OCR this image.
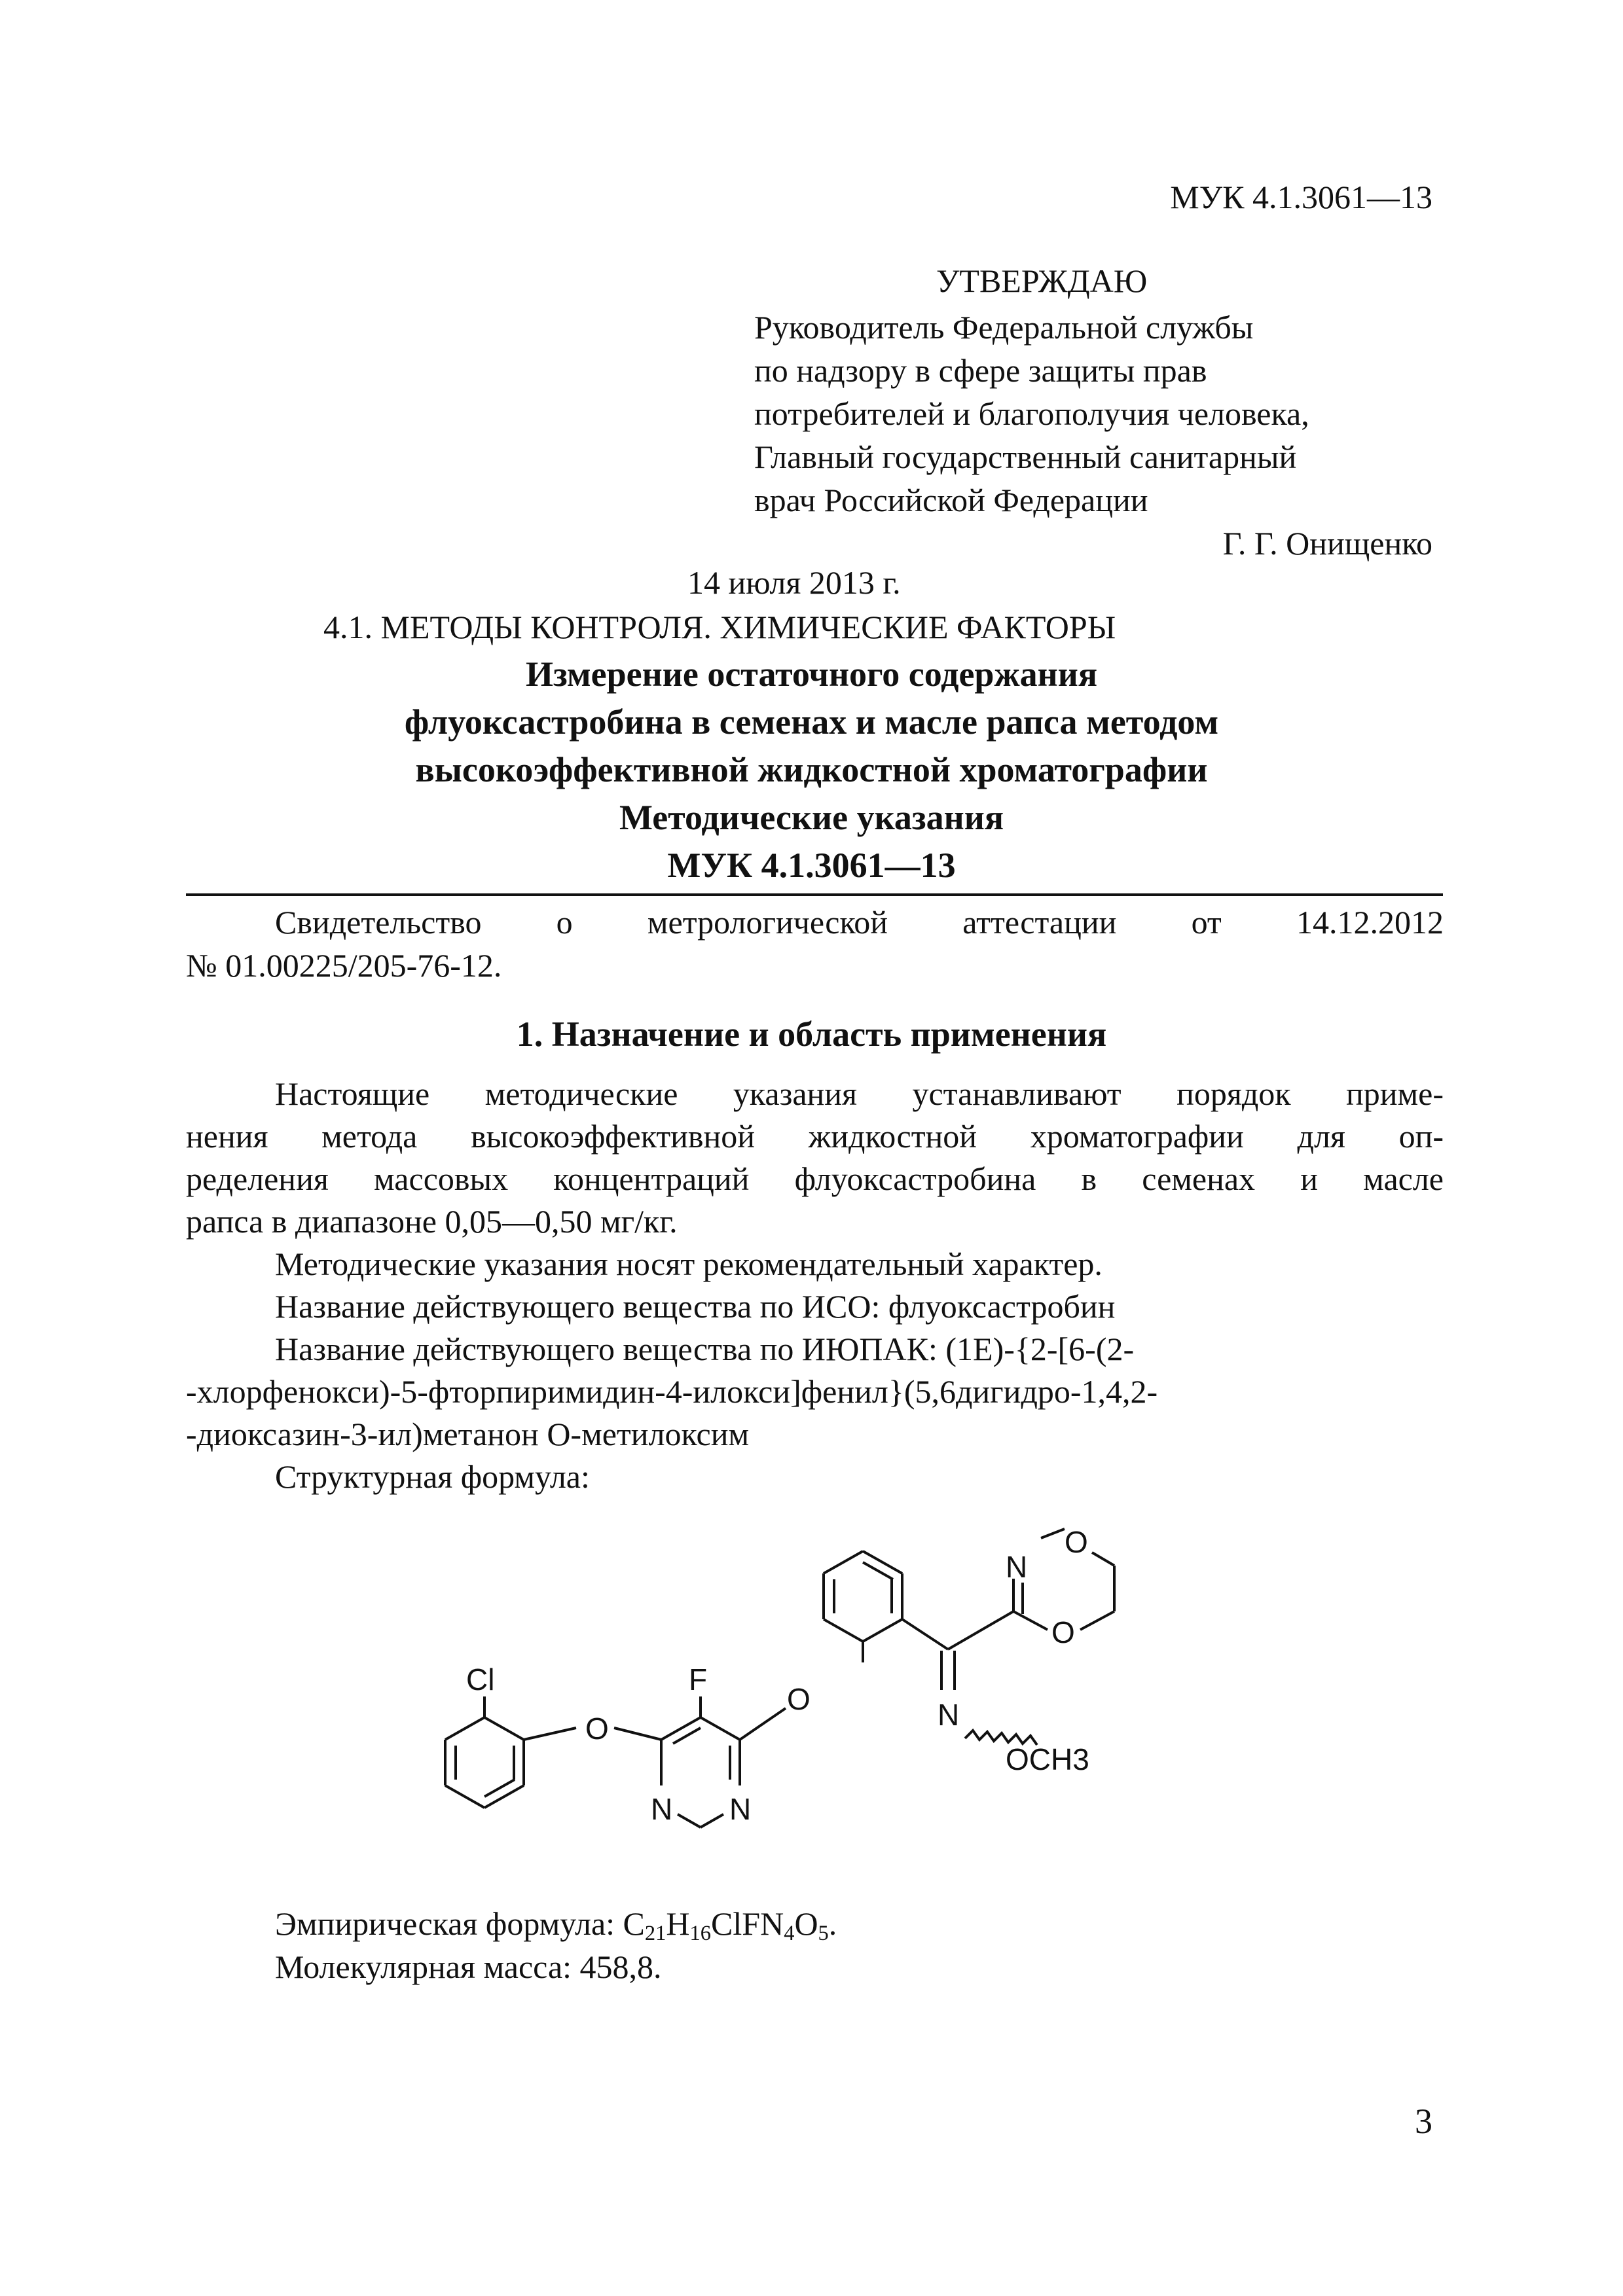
МУК 4.1.3061—13
УТВЕРЖДАЮ
Руководитель Федеральной службы
по надзору в сфере защиты прав
потребителей и благополучия человека,
Главный государственный санитарный
врач Российской Федерации
Г. Г. Онищенко
14 июля 2013 г.
4.1. МЕТОДЫ КОНТРОЛЯ. ХИМИЧЕСКИЕ ФАКТОРЫ
Измерение остаточного содержания
флуоксастробина в семенах и масле рапса методом
высокоэффективной жидкостной хроматографии
Методические указания
МУК 4.1.3061—13
Свидетельство о метрологической аттестации от 14.12.2012
№ 01.00225/205-76-12.
1. Назначение и область применения
Настоящие методические указания устанавливают порядок приме-
нения метода высокоэффективной жидкостной хроматографии для оп-
ределения массовых концентраций флуоксастробина в семенах и масле
рапса в диапазоне 0,05—0,50 мг/кг.
Методические указания носят рекомендательный характер.
Название действующего вещества по ИСО: флуоксастробин
Название действующего вещества по ИЮПАК: (1E)-{2-[6-(2-
-хлорфенокси)-5-фторпиримидин-4-илокси]фенил}(5,6дигидро-1,4,2-
-диоксазин-3-ил)метанон O-метилоксим
Структурная формула:
Cl	F
O
O
N N
N
OCH3
N
O
O
Эмпирическая формула: $C_{21}H_{16}ClFN_4O_5$.
Молекулярная масса: 458,8.
3
